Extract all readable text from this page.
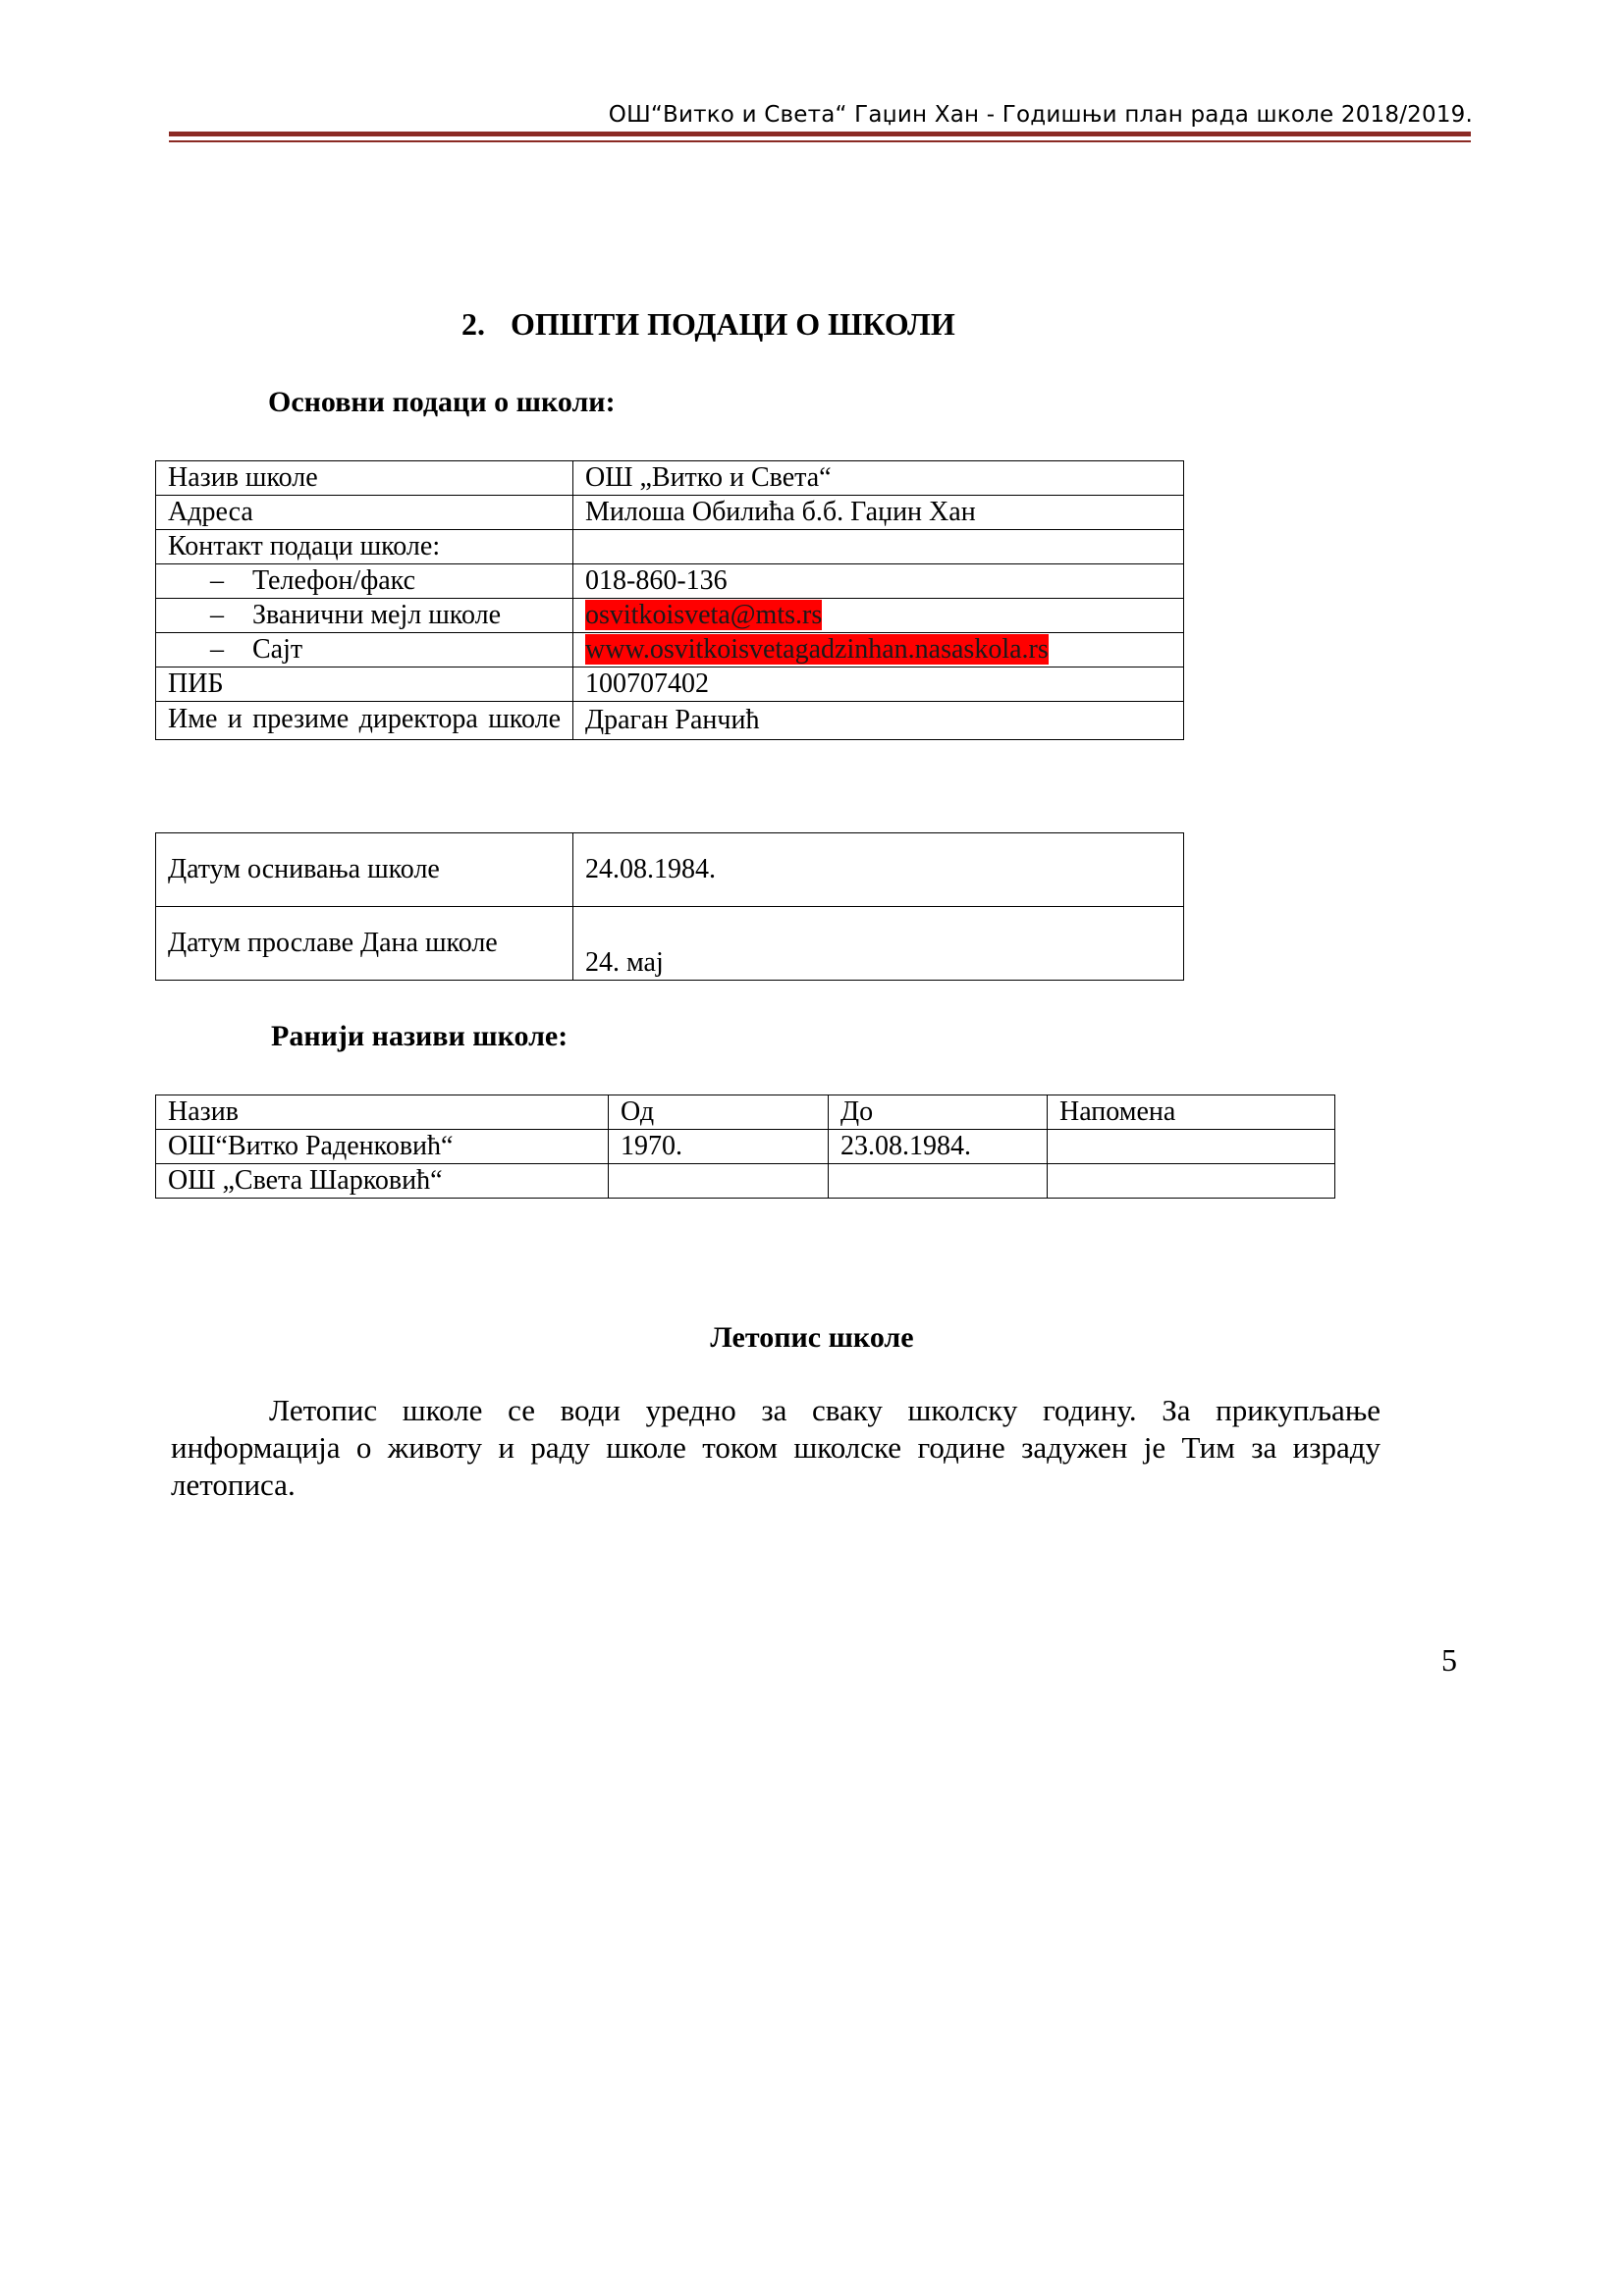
ОШ“Витко и Света“ Гаџин Хан - Годишњи план рада школе 2018/2019.
2. ОПШТИ ПОДАЦИ О ШКОЛИ
Основни подаци о школи:
Назив школе	ОШ „Витко и Света“
Адреса	Милоша Обилића б.б. Гаџин Хан
Контакт подаци школе:	
– Телефон/факс	018-860-136
– Званични мејл школе	osvitkoisveta@mts.rs
– Сајт	www.osvitkoisvetagadzinhan.nasaskola.rs
ПИБ	100707402
Име и презиме директора школе	Драган Ранчић
Датум оснивања школе	24.08.1984.
Датум прославе Дана школе	24. мај
Ранији називи школе:
Назив	Од	До	Напомена
ОШ“Витко Раденковић“	1970.	23.08.1984.	
ОШ „Света Шарковић“			
Летопис школе
Летопис школе се води уредно за сваку школску годину. За прикупљање информација о животу и раду школе током школске године задужен је Тим за израду летописа.
5
